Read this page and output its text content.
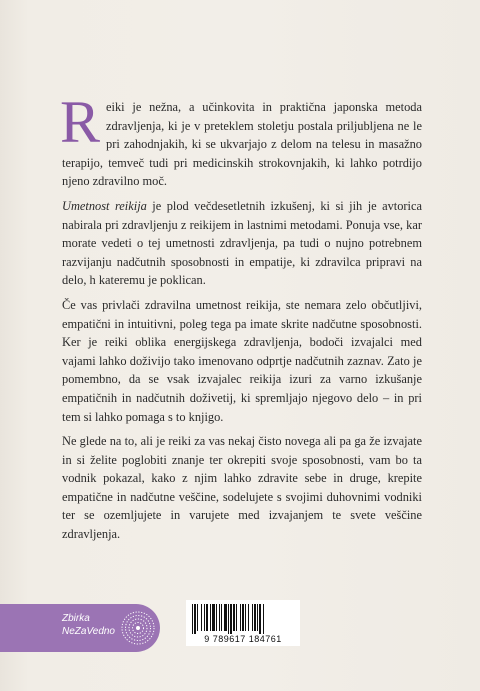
Reiki je nežna, a učinkovita in praktična japonska metoda zdravljenja, ki je v preteklem stoletju postala priljubljena ne le pri zahodnjakih, ki se ukvarjajo z delom na telesu in masažno terapijo, temveč tudi pri medicinskih strokovnjakih, ki lahko potrdijo njeno zdravilno moč.

Umetnost reikija je plod večdesetletnih izkušenj, ki si jih je avtorica nabirala pri zdravljenju z reikijem in lastnimi metodami. Ponuja vse, kar morate vedeti o tej umetnosti zdravljenja, pa tudi o nujno potrebnem razvijanju nadčutnih sposobnosti in empatije, ki zdravilca pripravi na delo, h kateremu je poklican.

Če vas privlači zdravilna umetnost reikija, ste nemara zelo občutljivi, empatični in intuitivni, poleg tega pa imate skrite nadčutne sposobnosti. Ker je reiki oblika energijskega zdravljenja, bodoči izvajalci med vajami lahko doživijo tako imenovano odprtje nadčutnih zaznav. Zato je pomembno, da se vsak izvajalec reikija izuri za varno izkušanje empatičnih in nadčutnih doživetij, ki spremljajo njegovo delo – in pri tem si lahko pomaga s to knjigo.

Ne glede na to, ali je reiki za vas nekaj čisto novega ali pa ga že izvajate in si želite poglobiti znanje ter okrepiti svoje sposobnosti, vam bo ta vodnik pokazal, kako z njim lahko zdravite sebe in druge, krepite empatične in nadčutne veščine, sodelujete s svojimi duhovnimi vodniki ter se ozemljujete in varujete med izvajanjem te svete veščine zdravljenja.

Zbirka
NeZaVedno
9 789617 184761
